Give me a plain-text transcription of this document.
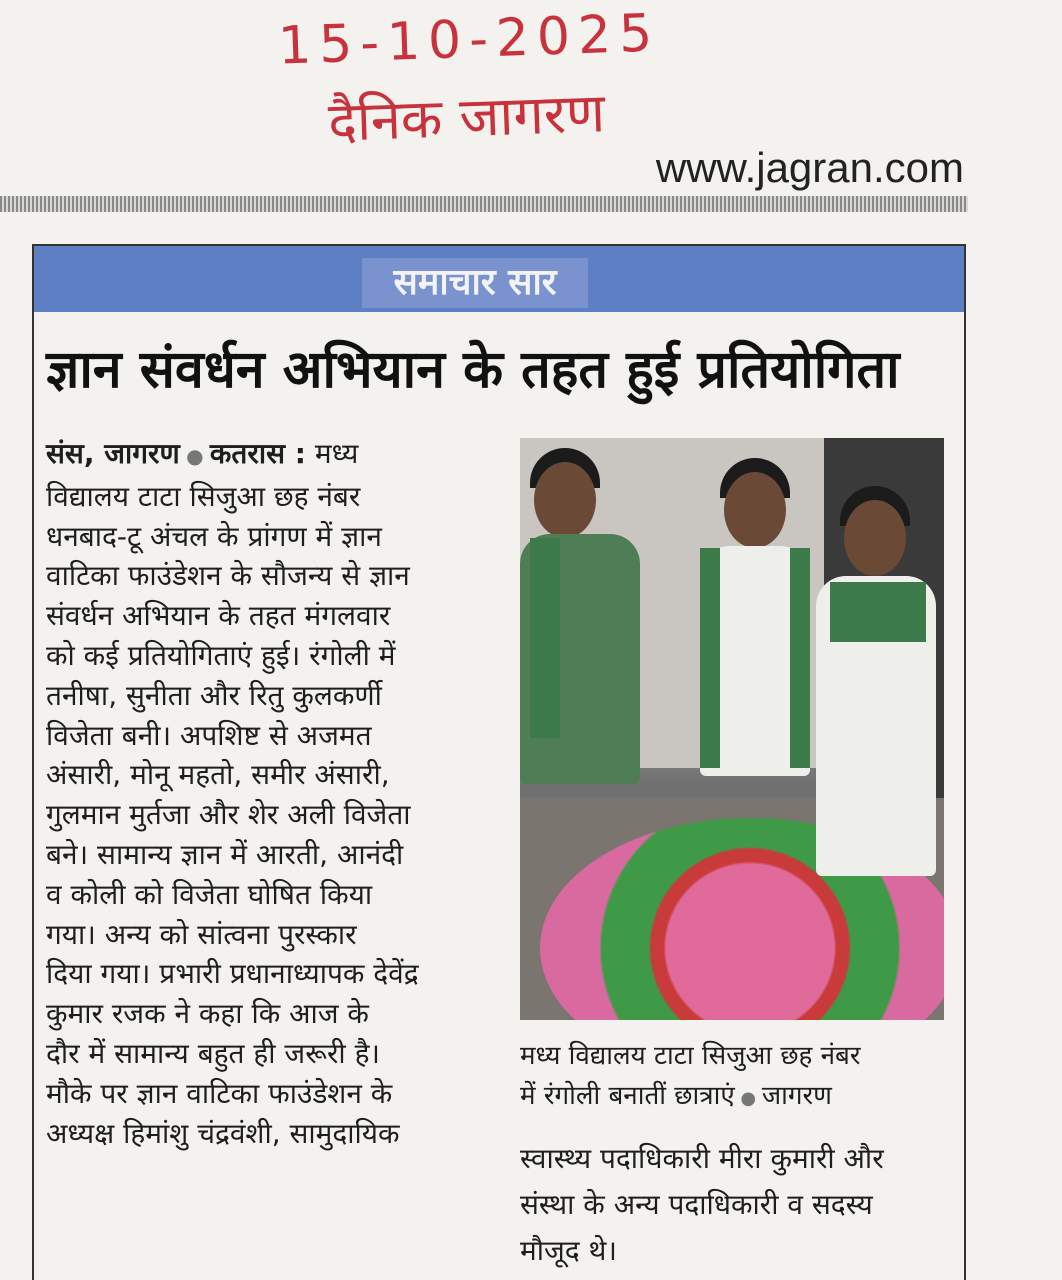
15-10-2025
दैनिक जागरण
www.jagran.com
समाचार सार
ज्ञान संवर्धन अभियान के तहत हुई प्रतियोगिता
संस, जागरण ● कतरास : मध्य
विद्यालय टाटा सिजुआ छह नंबर
धनबाद-टू अंचल के प्रांगण में ज्ञान
वाटिका फाउंडेशन के सौजन्य से ज्ञान
संवर्धन अभियान के तहत मंगलवार
को कई प्रतियोगिताएं हुई। रंगोली में
तनीषा, सुनीता और रितु कुलकर्णी
विजेता बनी। अपशिष्ट से अजमत
अंसारी, मोनू महतो, समीर अंसारी,
गुलमान मुर्तजा और शेर अली विजेता
बने। सामान्य ज्ञान में आरती, आनंदी
व कोली को विजेता घोषित किया
गया। अन्य को सांत्वना पुरस्कार
दिया गया। प्रभारी प्रधानाध्यापक देवेंद्र
कुमार रजक ने कहा कि आज के
दौर में सामान्य बहुत ही जरूरी है।
मौके पर ज्ञान वाटिका फाउंडेशन के
अध्यक्ष हिमांशु चंद्रवंशी, सामुदायिक
मध्य विद्यालय टाटा सिजुआ छह नंबर
में रंगोली बनातीं छात्राएं ● जागरण
स्वास्थ्य पदाधिकारी मीरा कुमारी और
संस्था के अन्य पदाधिकारी व सदस्य
मौजूद थे।
